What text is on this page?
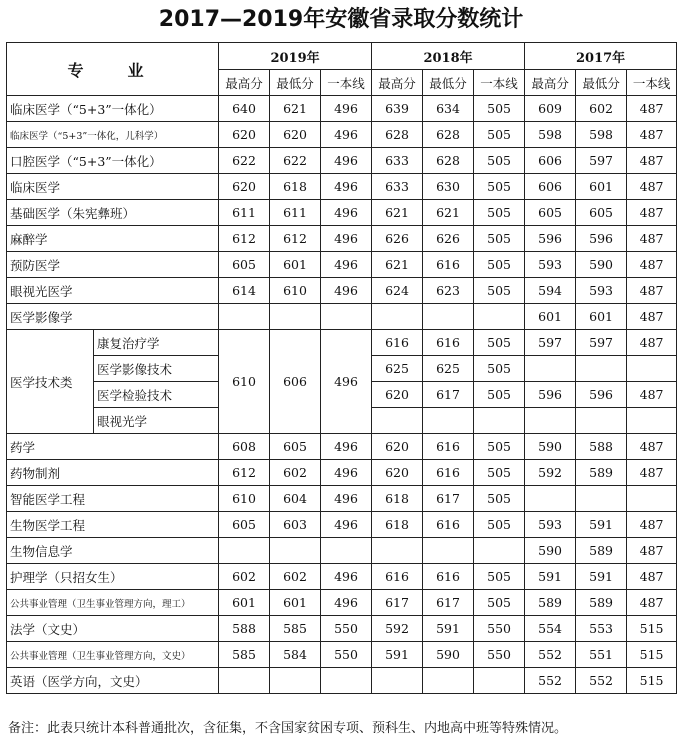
2017—2019年安徽省录取分数统计
专　业		2019年			2018年			2017年		
		最高分	最低分	一本线	最高分	最低分	一本线	最高分	最低分	一本线
临床医学（“5+3”一体化）		640	621	496	639	634	505	609	602	487
临床医学（“5+3”一体化，儿科学）		620	620	496	628	628	505	598	598	487
口腔医学（“5+3”一体化）		622	622	496	633	628	505	606	597	487
临床医学		620	618	496	633	630	505	606	601	487
基础医学（朱宪彝班）		611	611	496	621	621	505	605	605	487
麻醉学		612	612	496	626	626	505	596	596	487
预防医学		605	601	496	621	616	505	593	590	487
眼视光医学		614	610	496	624	623	505	594	593	487
医学影像学								601	601	487
医学技术类	康复治疗学	610	606	496	616	616	505	597	597	487
	医学影像技术				625	625	505			
	医学检验技术				620	617	505	596	596	487
	眼视光学									
药学		608	605	496	620	616	505	590	588	487
药物制剂		612	602	496	620	616	505	592	589	487
智能医学工程		610	604	496	618	617	505			
生物医学工程		605	603	496	618	616	505	593	591	487
生物信息学								590	589	487
护理学（只招女生）		602	602	496	616	616	505	591	591	487
公共事业管理（卫生事业管理方向，理工）		601	601	496	617	617	505	589	589	487
法学（文史）		588	585	550	592	591	550	554	553	515
公共事业管理（卫生事业管理方向，文史）		585	584	550	591	590	550	552	551	515
英语（医学方向，文史）								552	552	515
备注：此表只统计本科普通批次，含征集，不含国家贫困专项、预科生、内地高中班等特殊情况。
